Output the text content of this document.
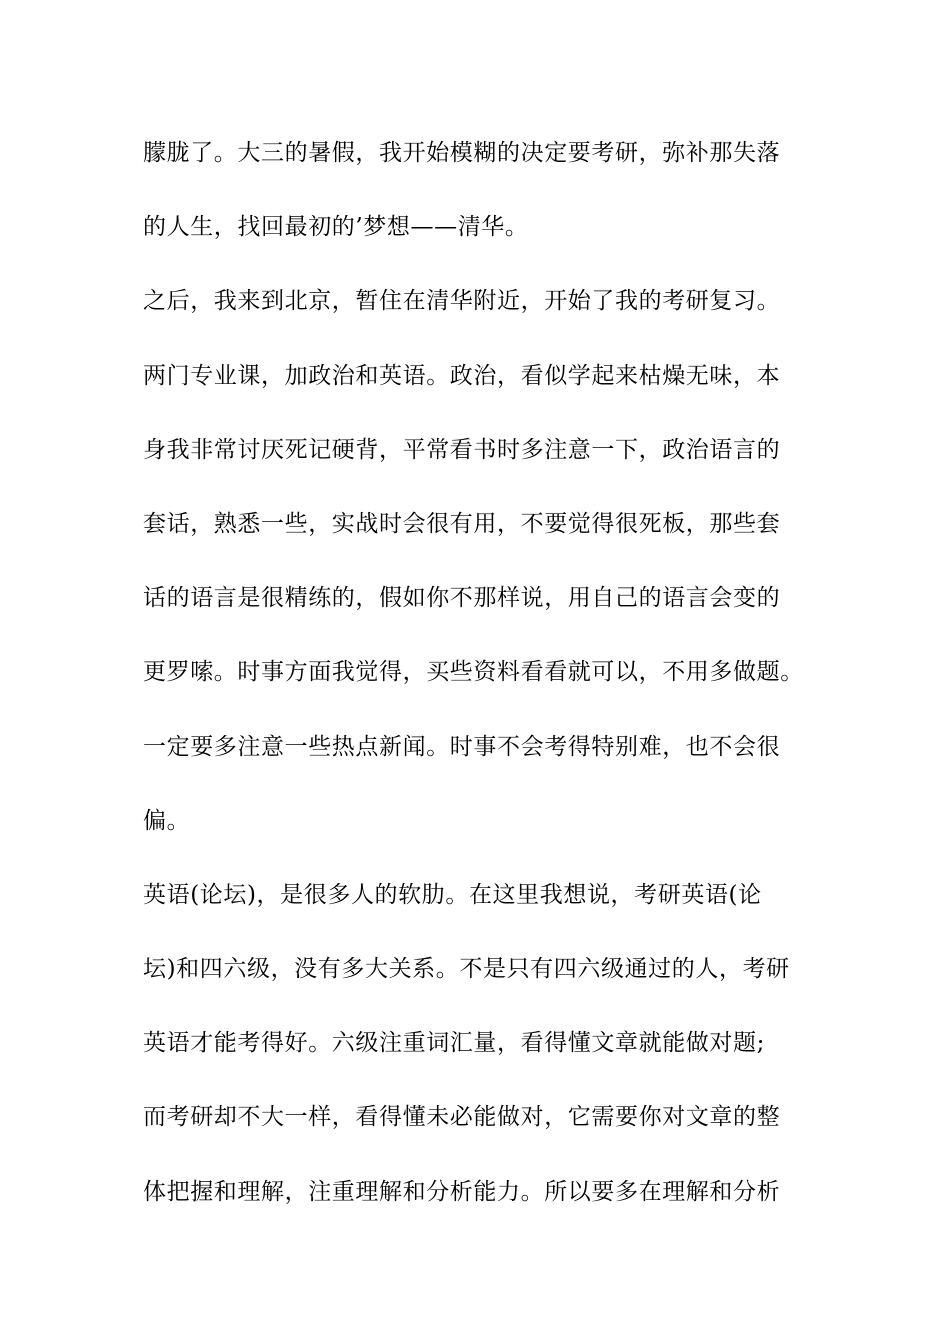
朦胧了。大三的暑假，我开始模糊的决定要考研，弥补那失落
的人生，找回最初的’梦想——清华。
之后，我来到北京，暂住在清华附近，开始了我的考研复习。
两门专业课，加政治和英语。政治，看似学起来枯燥无味，本
身我非常讨厌死记硬背，平常看书时多注意一下，政治语言的
套话，熟悉一些，实战时会很有用，不要觉得很死板，那些套
话的语言是很精练的，假如你不那样说，用自己的语言会变的
更罗嗦。时事方面我觉得，买些资料看看就可以，不用多做题。
一定要多注意一些热点新闻。时事不会考得特别难，也不会很
偏。
英语(论坛)，是很多人的软肋。在这里我想说，考研英语(论
坛)和四六级，没有多大关系。不是只有四六级通过的人，考研
英语才能考得好。六级注重词汇量，看得懂文章就能做对题;
而考研却不大一样，看得懂未必能做对，它需要你对文章的整
体把握和理解，注重理解和分析能力。所以要多在理解和分析
